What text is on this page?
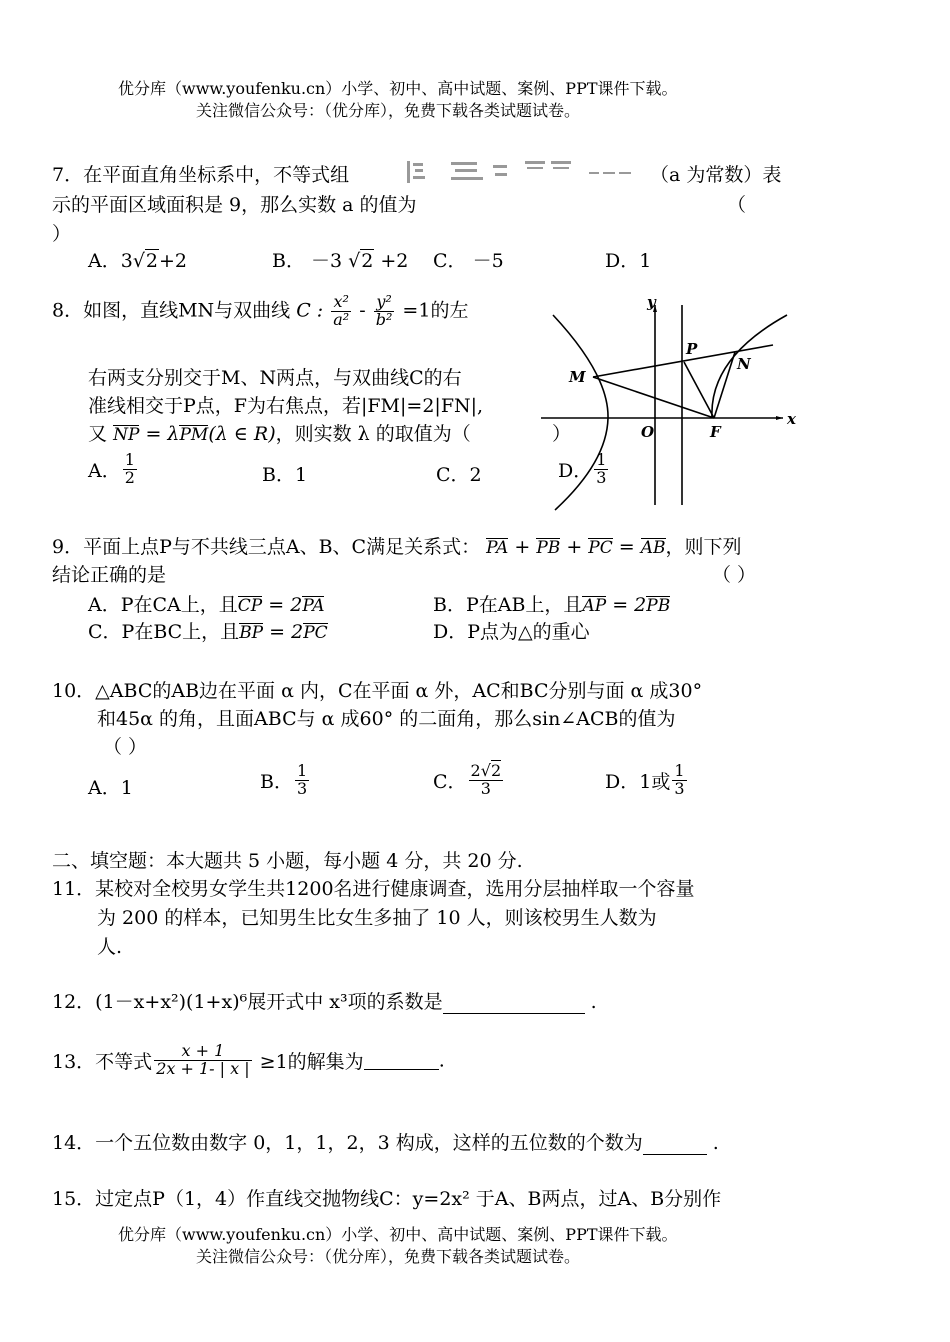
优分库（www.youfenku.cn）小学、初中、高中试题、案例、PPT课件下载。
关注微信公众号：（优分库），免费下载各类试题试卷。
7．在平面直角坐标系中，不等式组	（a 为常数）表
示的平面区域面积是 9，那么实数 a 的值为	（
）
A．3√2+2	B． －3 √2 +2 C． －5	D．1
8．如图，直线MN与双曲线 C : $\frac{\text{x²}}{\text{a²}} - \frac{\text{y²}}{\text{b²}} =1$的左
右两支分别交于M、N两点，与双曲线C的右
准线相交于P点，F为右焦点，若|FM|=2|FN|,
又 NP = λPM(λ ∈ R)，则实数 λ 的取值为（	）
A． $\frac{1}{2}$	B．1	C．2	D． $\frac{1}{3}$
y
x
O	F
P
M
N
9．平面上点P与不共线三点A、B、C满足关系式： PA + PB + PC = AB，则下列
结论正确的是	（ ）
A．P在CA上，且CP = 2PA	B．P在AB上，且AP = 2PB
C．P在BC上，且BP = 2PC	D．P点为△的重心
10．△ABC的AB边在平面 α 内，C在平面 α 外，AC和BC分别与面 α 成30°
和45α 的角，且面ABC与 α 成60° 的二面角，那么sin∠ACB的值为
（ ）
A．1	B． $\frac{1}{3}$	C． $\frac{2√2}{3}$	D．1或 $\frac{1}{3}$
二、填空题：本大题共 5 小题，每小题 4 分，共 20 分.
11．某校对全校男女学生共1200名进行健康调查，选用分层抽样取一个容量
为 200 的样本，已知男生比女生多抽了 10 人，则该校男生人数为
人.
12．(1－x+x²)(1+x)⁶展开式中 x³项的系数是	.
13．不等式 $\frac{x + 1}{2x + 1- | x |} \ge 1$的解集为	.
14．一个五位数由数字 0，1，1，2，3 构成，这样的五位数的个数为	.
15．过定点P（1，4）作直线交抛物线C：y=2x² 于A、B两点，过A、B分别作
优分库（www.youfenku.cn）小学、初中、高中试题、案例、PPT课件下载。
关注微信公众号：（优分库），免费下载各类试题试卷。
